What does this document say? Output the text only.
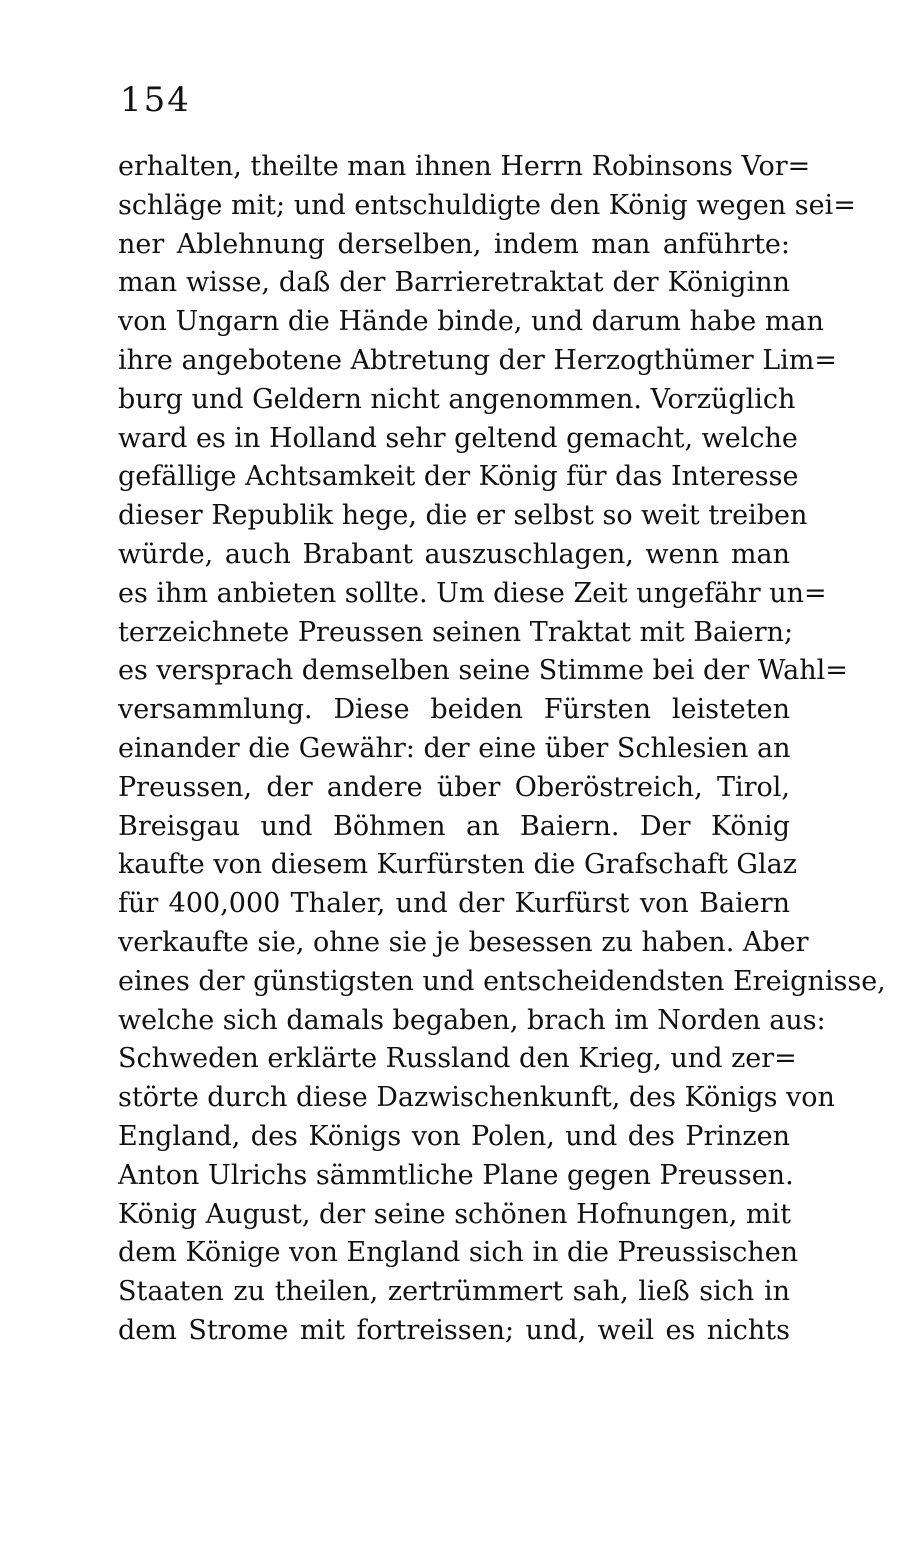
154
erhalten, theilte man ihnen Herrn Robinsons Vor=
schläge mit; und entschuldigte den König wegen sei=
ner Ablehnung derselben, indem man anführte:
man wisse, daß der Barrieretraktat der Königinn
von Ungarn die Hände binde, und darum habe man
ihre angebotene Abtretung der Herzogthümer Lim=
burg und Geldern nicht angenommen. Vorzüglich
ward es in Holland sehr geltend gemacht, welche
gefällige Achtsamkeit der König für das Interesse
dieser Republik hege, die er selbst so weit treiben
würde, auch Brabant auszuschlagen, wenn man
es ihm anbieten sollte. Um diese Zeit ungefähr un=
terzeichnete Preussen seinen Traktat mit Baiern;
es versprach demselben seine Stimme bei der Wahl=
versammlung. Diese beiden Fürsten leisteten
einander die Gewähr: der eine über Schlesien an
Preussen, der andere über Oberöstreich, Tirol,
Breisgau und Böhmen an Baiern. Der König
kaufte von diesem Kurfürsten die Grafschaft Glaz
für 400,000 Thaler, und der Kurfürst von Baiern
verkaufte sie, ohne sie je besessen zu haben. Aber
eines der günstigsten und entscheidendsten Ereignisse,
welche sich damals begaben, brach im Norden aus:
Schweden erklärte Russland den Krieg, und zer=
störte durch diese Dazwischenkunft, des Königs von
England, des Königs von Polen, und des Prinzen
Anton Ulrichs sämmtliche Plane gegen Preussen.
König August, der seine schönen Hofnungen, mit
dem Könige von England sich in die Preussischen
Staaten zu theilen, zertrümmert sah, ließ sich in
dem Strome mit fortreissen; und, weil es nichts
